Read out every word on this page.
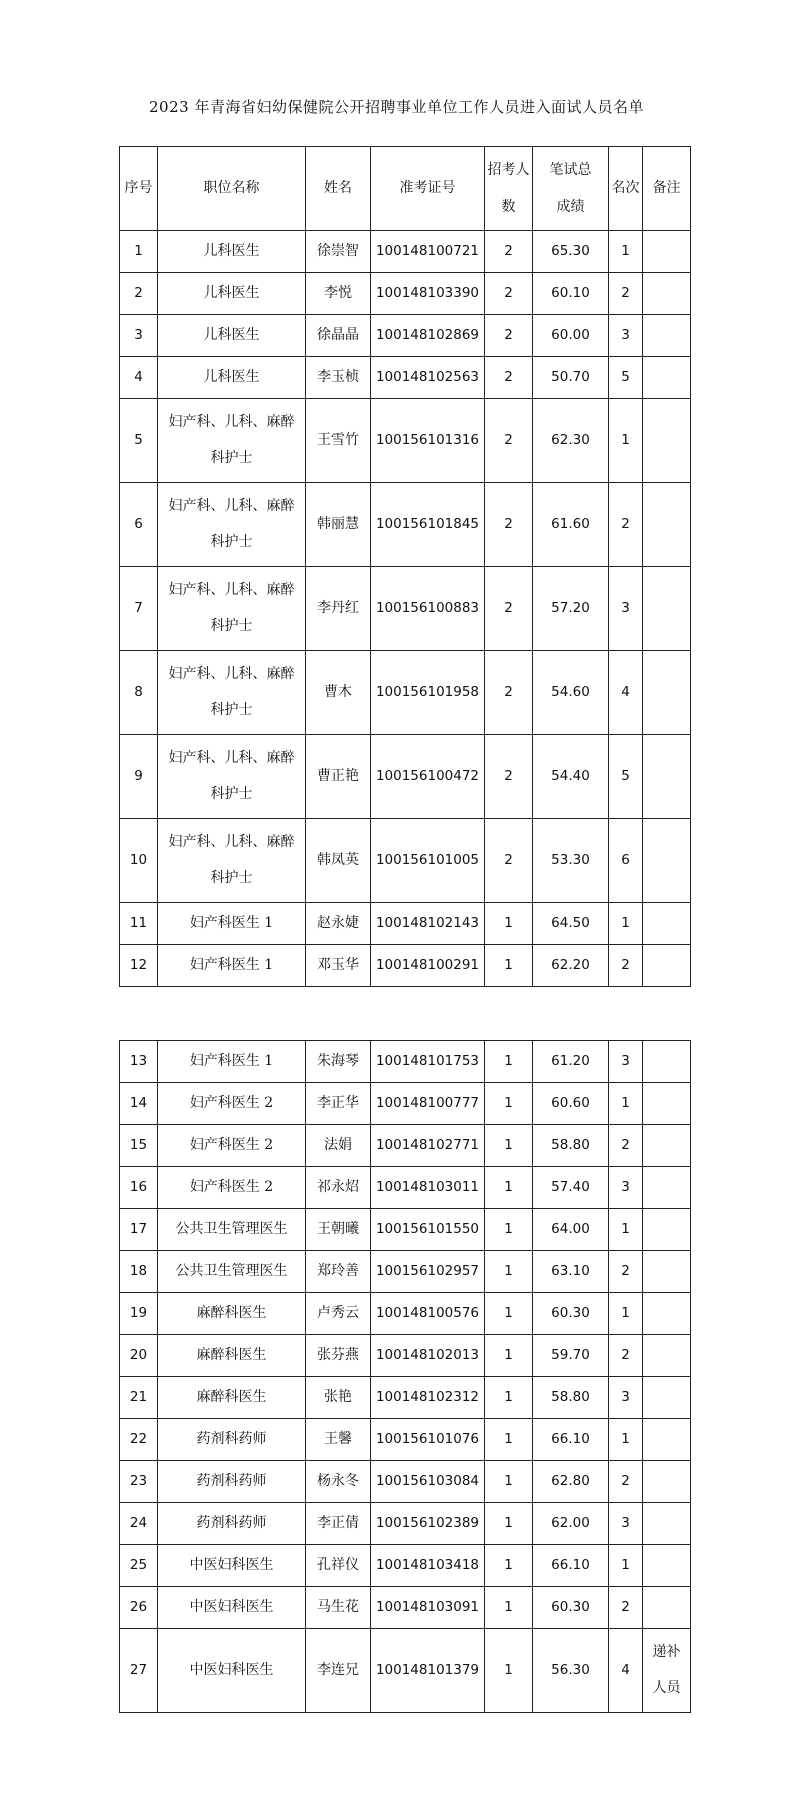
2023 年青海省妇幼保健院公开招聘事业单位工作人员进入面试人员名单
序号	职位名称	姓名	准考证号	招考人数	笔试总成绩	名次	备注
1	儿科医生	徐崇智	100148100721	2	65.30	1	
2	儿科医生	李悦	100148103390	2	60.10	2	
3	儿科医生	徐晶晶	100148102869	2	60.00	3	
4	儿科医生	李玉桢	100148102563	2	50.70	5	
5	妇产科、儿科、麻醉科护士	王雪竹	100156101316	2	62.30	1	
6	妇产科、儿科、麻醉科护士	韩丽慧	100156101845	2	61.60	2	
7	妇产科、儿科、麻醉科护士	李丹红	100156100883	2	57.20	3	
8	妇产科、儿科、麻醉科护士	曹木	100156101958	2	54.60	4	
9	妇产科、儿科、麻醉科护士	曹正艳	100156100472	2	54.40	5	
10	妇产科、儿科、麻醉科护士	韩凤英	100156101005	2	53.30	6	
11	妇产科医生 1	赵永婕	100148102143	1	64.50	1	
12	妇产科医生 1	邓玉华	100148100291	1	62.20	2	
13	妇产科医生 1	朱海琴	100148101753	1	61.20	3	
14	妇产科医生 2	李正华	100148100777	1	60.60	1	
15	妇产科医生 2	法娟	100148102771	1	58.80	2	
16	妇产科医生 2	祁永炤	100148103011	1	57.40	3	
17	公共卫生管理医生	王朝曦	100156101550	1	64.00	1	
18	公共卫生管理医生	郑玲善	100156102957	1	63.10	2	
19	麻醉科医生	卢秀云	100148100576	1	60.30	1	
20	麻醉科医生	张芬燕	100148102013	1	59.70	2	
21	麻醉科医生	张艳	100148102312	1	58.80	3	
22	药剂科药师	王馨	100156101076	1	66.10	1	
23	药剂科药师	杨永冬	100156103084	1	62.80	2	
24	药剂科药师	李正倩	100156102389	1	62.00	3	
25	中医妇科医生	孔祥仪	100148103418	1	66.10	1	
26	中医妇科医生	马生花	100148103091	1	60.30	2	
27	中医妇科医生	李连兄	100148101379	1	56.30	4	递补人员
